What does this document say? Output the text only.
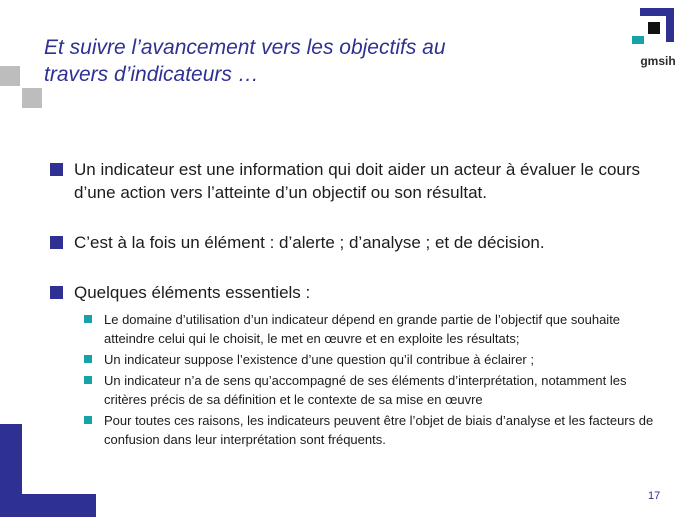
Et suivre l’avancement vers les objectifs au
travers d’indicateurs …
gmsih
Un indicateur est une information qui doit aider un acteur à évaluer le cours d’une action vers l’atteinte d’un objectif ou son résultat.
C’est à la fois un élément : d’alerte ; d’analyse ; et de décision.
Quelques éléments essentiels :
Le domaine d’utilisation d’un indicateur dépend en grande partie de l’objectif que souhaite atteindre celui qui le choisit, le met en œuvre et en exploite les résultats;
Un indicateur suppose l’existence d’une question qu’il contribue à éclairer ;
Un indicateur n’a de sens qu’accompagné de ses éléments d’interprétation, notamment les critères précis de sa définition et le contexte de sa mise en œuvre
Pour toutes ces raisons, les indicateurs peuvent être l’objet de biais d’analyse et les facteurs de confusion dans leur interprétation sont fréquents.
17
